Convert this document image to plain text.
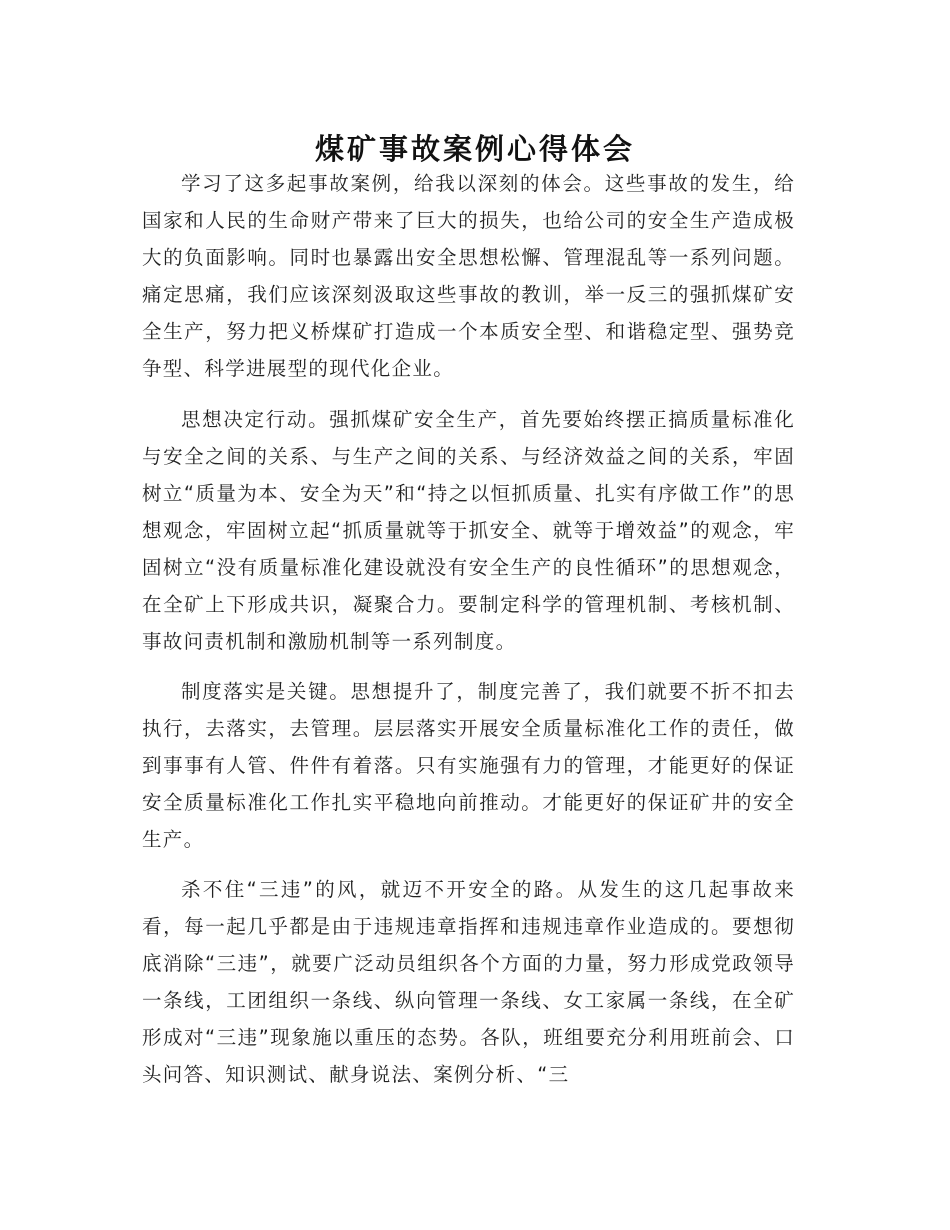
煤矿事故案例心得体会

学习了这多起事故案例，给我以深刻的体会。这些事故的发生，给国家和人民的生命财产带来了巨大的损失，也给公司的安全生产造成极大的负面影响。同时也暴露出安全思想松懈、管理混乱等一系列问题。痛定思痛，我们应该深刻汲取这些事故的教训，举一反三的强抓煤矿安全生产，努力把义桥煤矿打造成一个本质安全型、和谐稳定型、强势竞争型、科学进展型的现代化企业。

思想决定行动。强抓煤矿安全生产，首先要始终摆正搞质量标准化与安全之间的关系、与生产之间的关系、与经济效益之间的关系，牢固树立“质量为本、安全为天”和“持之以恒抓质量、扎实有序做工作”的思想观念，牢固树立起“抓质量就等于抓安全、就等于增效益”的观念，牢固树立“没有质量标准化建设就没有安全生产的良性循环”的思想观念，在全矿上下形成共识，凝聚合力。要制定科学的管理机制、考核机制、事故问责机制和激励机制等一系列制度。

制度落实是关键。思想提升了，制度完善了，我们就要不折不扣去执行，去落实，去管理。层层落实开展安全质量标准化工作的责任，做到事事有人管、件件有着落。只有实施强有力的管理，才能更好的保证安全质量标准化工作扎实平稳地向前推动。才能更好的保证矿井的安全生产。

杀不住“三违”的风，就迈不开安全的路。从发生的这几起事故来看，每一起几乎都是由于违规违章指挥和违规违章作业造成的。要想彻底消除“三违”，就要广泛动员组织各个方面的力量，努力形成党政领导一条线，工团组织一条线、纵向管理一条线、女工家属一条线，在全矿形成对“三违”现象施以重压的态势。各队，班组要充分利用班前会、口头问答、知识测试、献身说法、案例分析、“三
